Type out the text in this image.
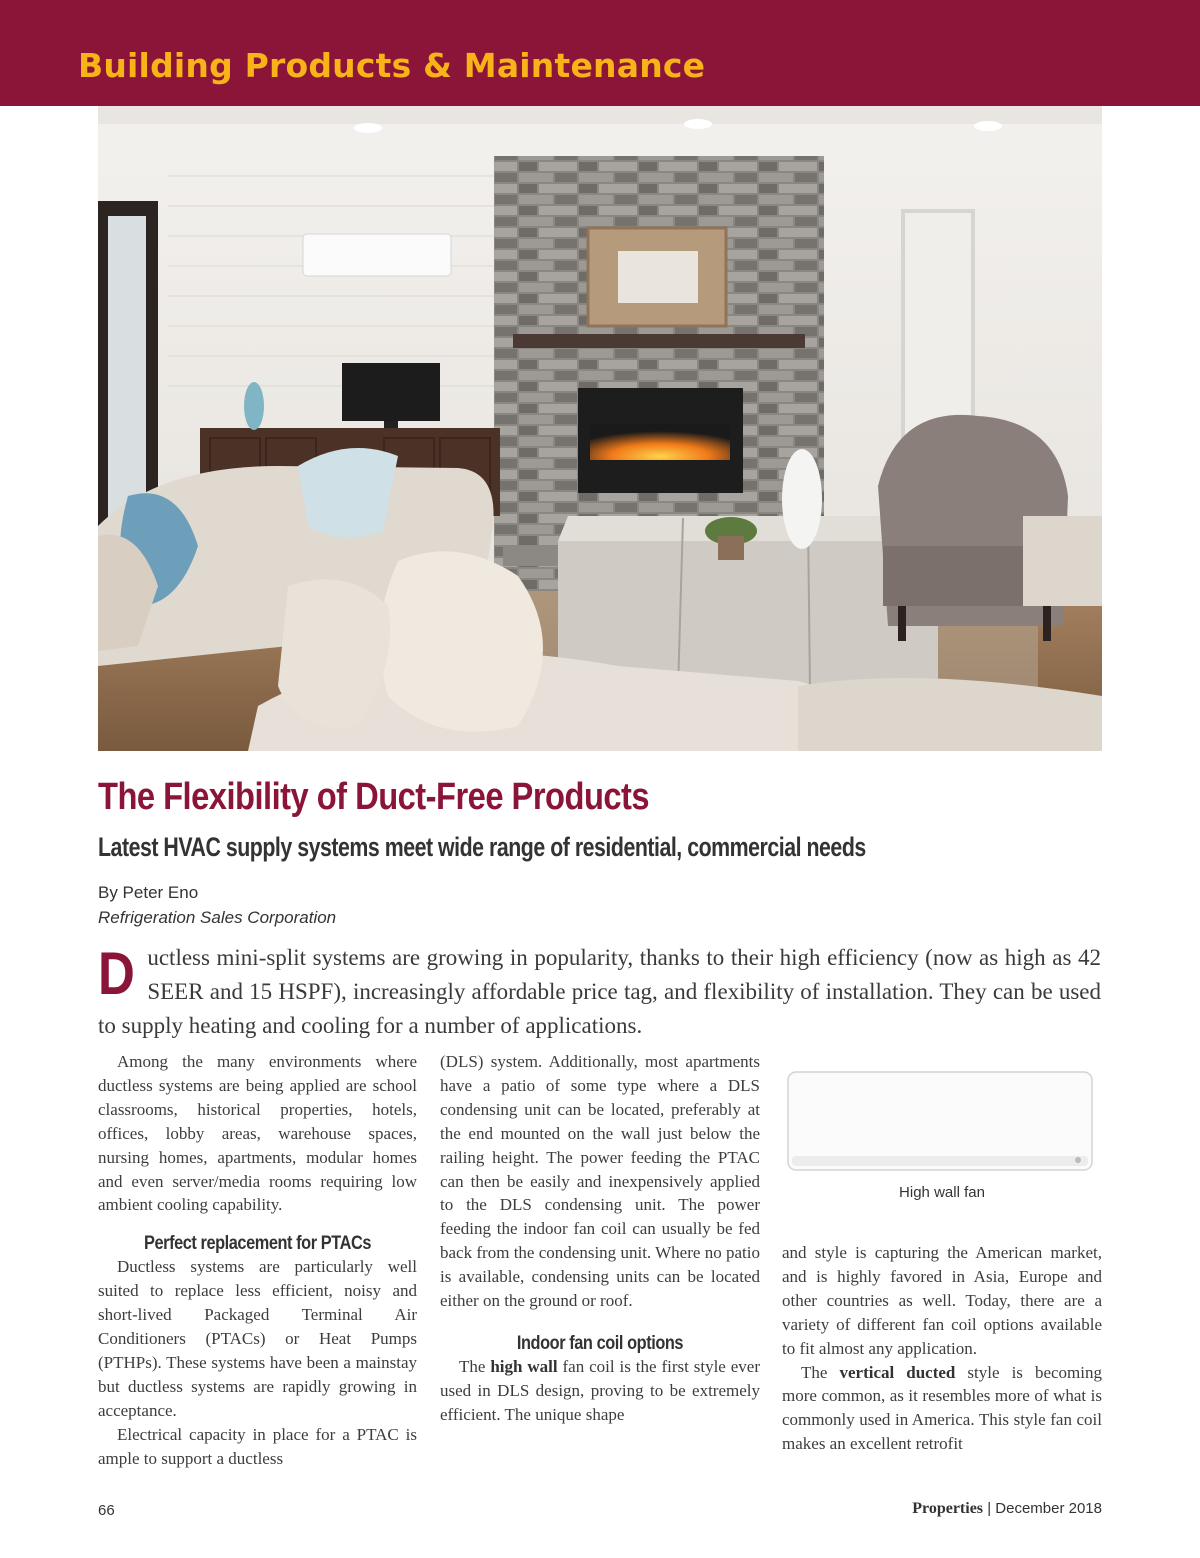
Building Products & Maintenance
The Flexibility of Duct-Free Products
Latest HVAC supply systems meet wide range of residential, commercial needs
By Peter Eno
Refrigeration Sales Corporation
Ductless mini-split systems are growing in popularity, thanks to their high efficiency (now as high as 42 SEER and 15 HSPF), increasingly affordable price tag, and flexibility of installation. They can be used to supply heating and cooling for a number of applications.

Among the many environments where ductless systems are being applied are school classrooms, historical properties, hotels, offices, lobby areas, warehouse spaces, nursing homes, apartments, modular homes and even server/media rooms requiring low ambient cooling capability.

Perfect replacement for PTACs

Ductless systems are particularly well suited to replace less efficient, noisy and short-lived Packaged Terminal Air Conditioners (PTACs) or Heat Pumps (PTHPs). These systems have been a mainstay but ductless systems are rapidly growing in acceptance.

Electrical capacity in place for a PTAC is ample to support a ductless

(DLS) system. Additionally, most apartments have a patio of some type where a DLS condensing unit can be located, preferably at the end mounted on the wall just below the railing height. The power feeding the PTAC can then be easily and inexpensively applied to the DLS condensing unit. The power feeding the indoor fan coil can usually be fed back from the condensing unit. Where no patio is available, condensing units can be located either on the ground or roof.

Indoor fan coil options

The high wall fan coil is the first style ever used in DLS design, proving to be extremely efficient. The unique shape

High wall fan

and style is capturing the American market, and is highly favored in Asia, Europe and other countries as well. Today, there are a variety of different fan coil options available to fit almost any application.

The vertical ducted style is becoming more common, as it resembles more of what is commonly used in America. This style fan coil makes an excellent retrofit

66	Properties | December 2018
